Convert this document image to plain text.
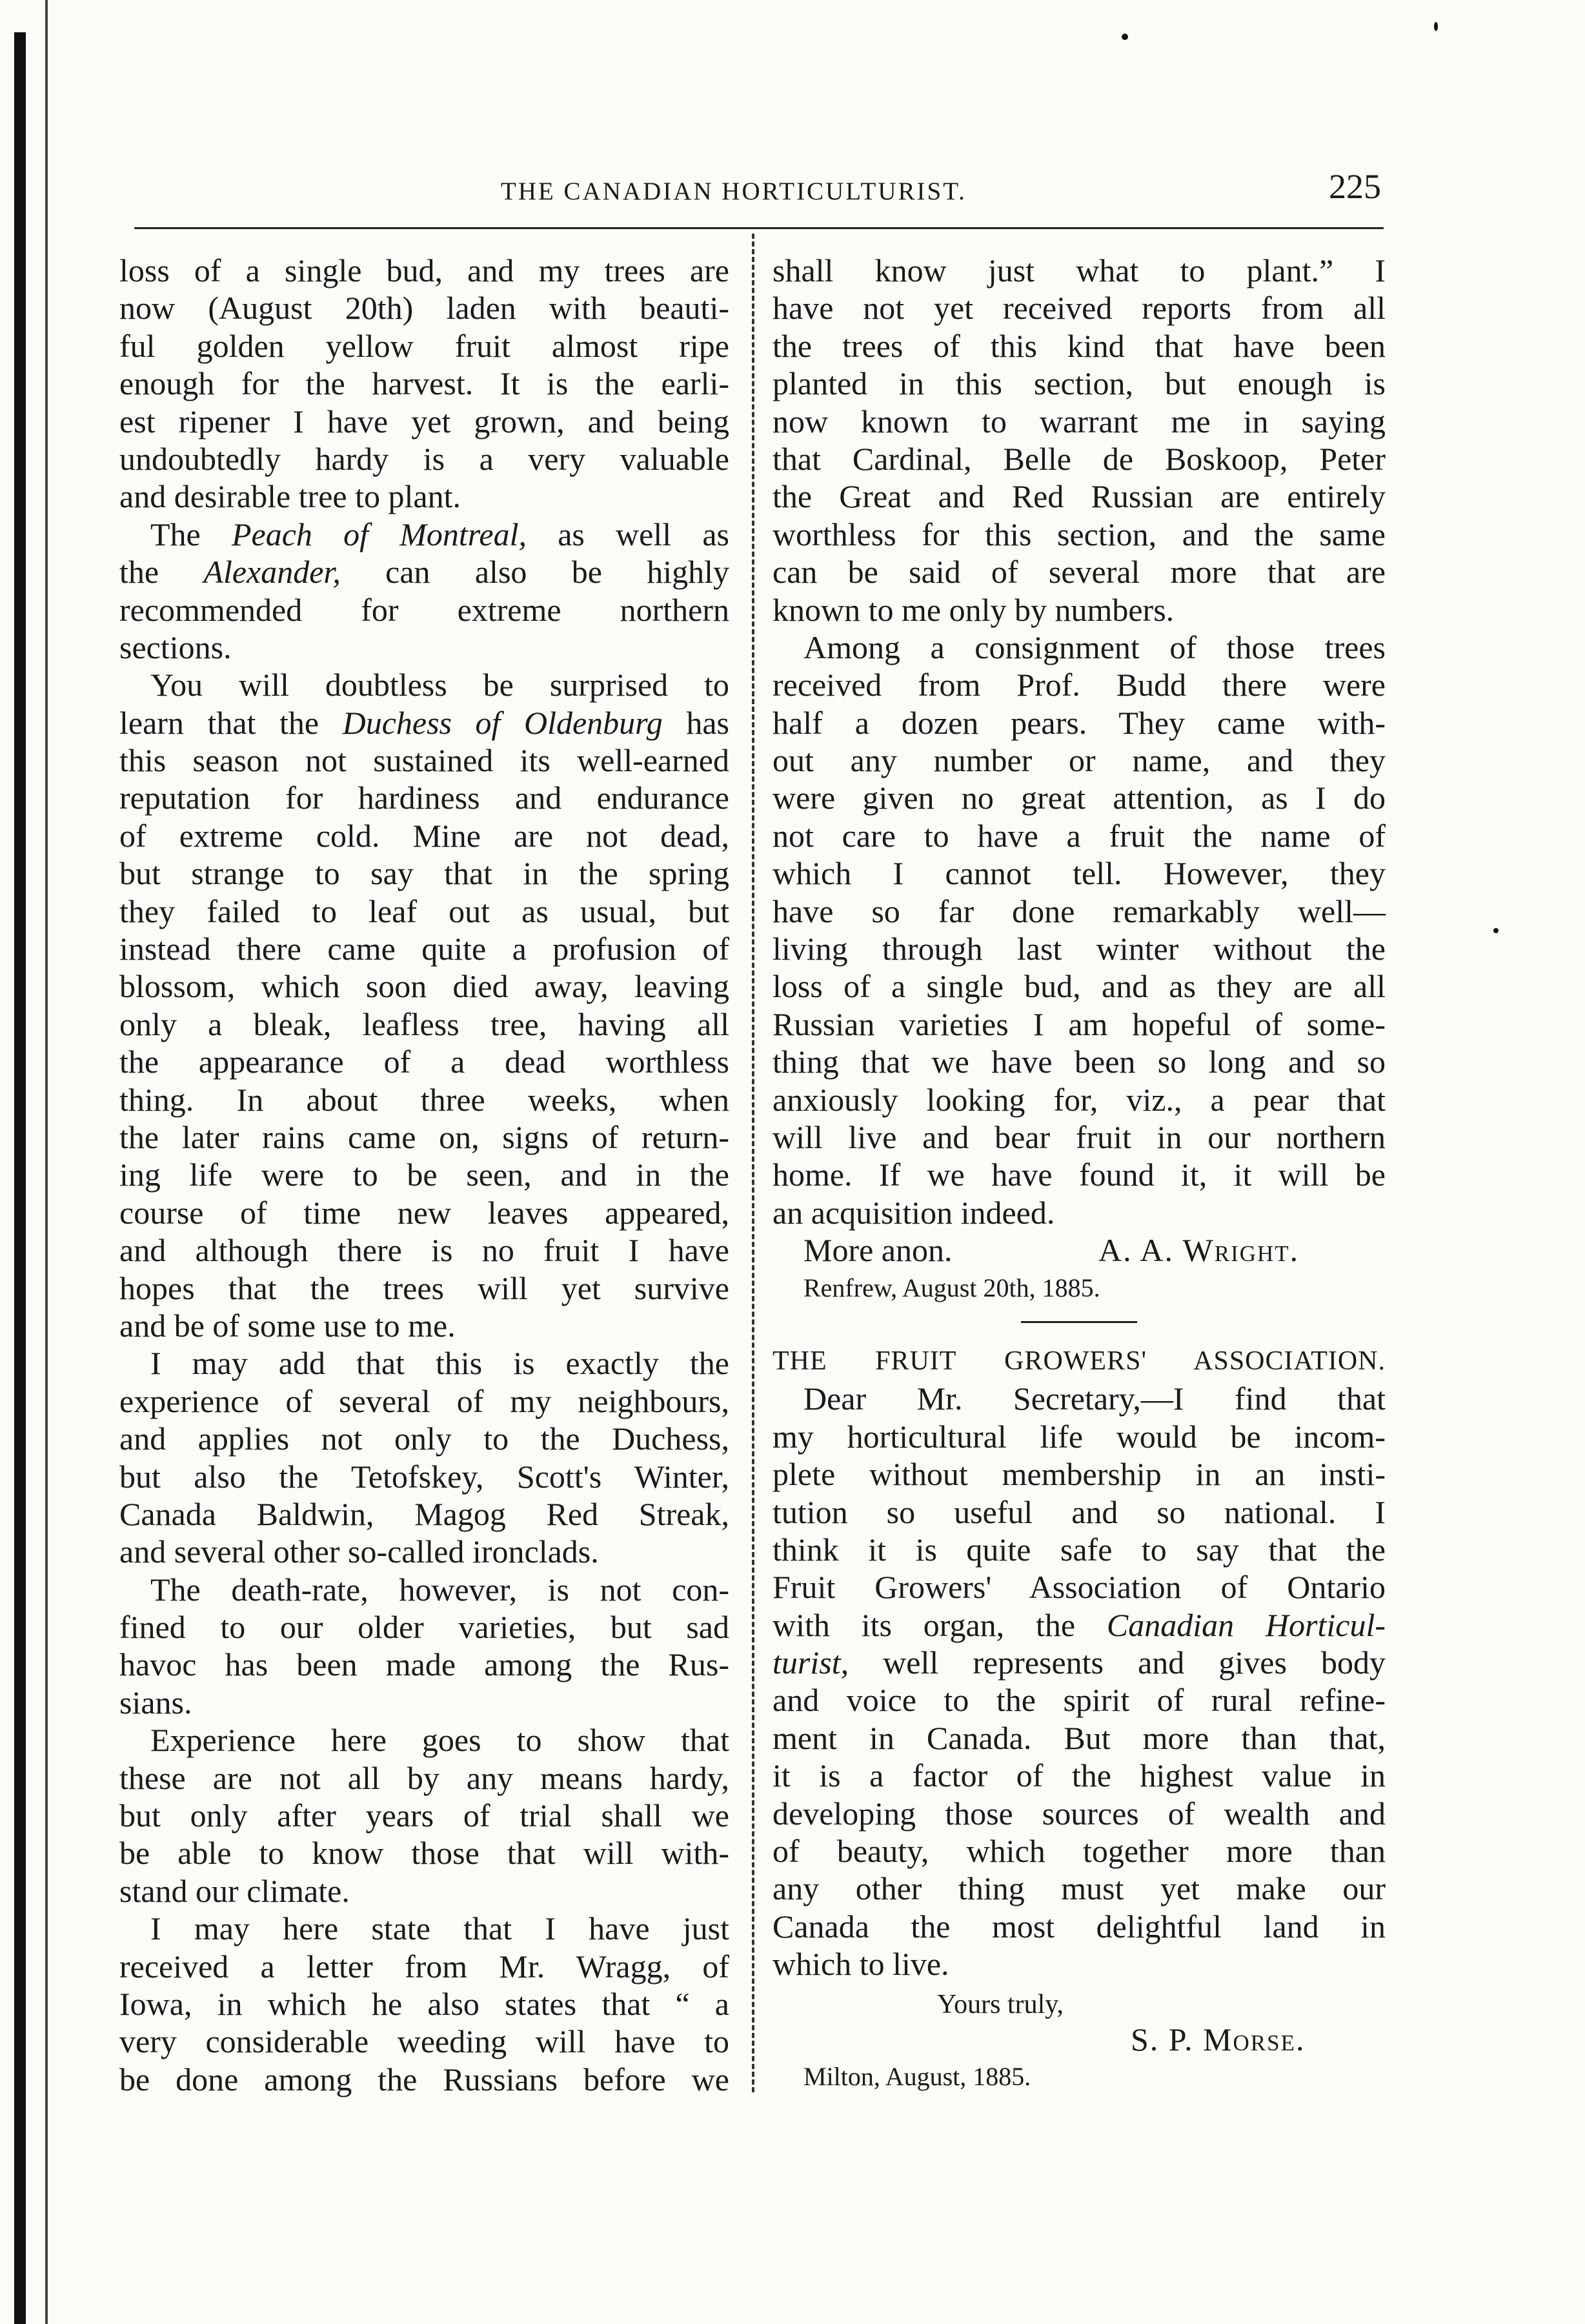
THE CANADIAN HORTICULTURIST.	225
loss of a single bud, and my trees are
now (August 20th) laden with beauti-
ful golden yellow fruit almost ripe
enough for the harvest. It is the earli-
est ripener I have yet grown, and being
undoubtedly hardy is a very valuable
and desirable tree to plant.
The Peach of Montreal, as well as
the Alexander, can also be highly
recommended for extreme northern
sections.
You will doubtless be surprised to
learn that the Duchess of Oldenburg has
this season not sustained its well-earned
reputation for hardiness and endurance
of extreme cold. Mine are not dead,
but strange to say that in the spring
they failed to leaf out as usual, but
instead there came quite a profusion of
blossom, which soon died away, leaving
only a bleak, leafless tree, having all
the appearance of a dead worthless
thing. In about three weeks, when
the later rains came on, signs of return-
ing life were to be seen, and in the
course of time new leaves appeared,
and although there is no fruit I have
hopes that the trees will yet survive
and be of some use to me.
I may add that this is exactly the
experience of several of my neighbours,
and applies not only to the Duchess,
but also the Tetofskey, Scott's Winter,
Canada Baldwin, Magog Red Streak,
and several other so-called ironclads.
The death-rate, however, is not con-
fined to our older varieties, but sad
havoc has been made among the Rus-
sians.
Experience here goes to show that
these are not all by any means hardy,
but only after years of trial shall we
be able to know those that will with-
stand our climate.
I may here state that I have just
received a letter from Mr. Wragg, of
Iowa, in which he also states that “ a
very considerable weeding will have to
be done among the Russians before we
shall know just what to plant.” I
have not yet received reports from all
the trees of this kind that have been
planted in this section, but enough is
now known to warrant me in saying
that Cardinal, Belle de Boskoop, Peter
the Great and Red Russian are entirely
worthless for this section, and the same
can be said of several more that are
known to me only by numbers.
Among a consignment of those trees
received from Prof. Budd there were
half a dozen pears. They came with-
out any number or name, and they
were given no great attention, as I do
not care to have a fruit the name of
which I cannot tell. However, they
have so far done remarkably well—
living through last winter without the
loss of a single bud, and as they are all
Russian varieties I am hopeful of some-
thing that we have been so long and so
anxiously looking for, viz., a pear that
will live and bear fruit in our northern
home. If we have found it, it will be
an acquisition indeed.
More anon.	A. A. Wright.
Renfrew, August 20th, 1885.
THE FRUIT GROWERS' ASSOCIATION.
Dear Mr. Secretary,—I find that
my horticultural life would be incom-
plete without membership in an insti-
tution so useful and so national. I
think it is quite safe to say that the
Fruit Growers' Association of Ontario
with its organ, the Canadian Horticul-
turist, well represents and gives body
and voice to the spirit of rural refine-
ment in Canada. But more than that,
it is a factor of the highest value in
developing those sources of wealth and
of beauty, which together more than
any other thing must yet make our
Canada the most delightful land in
which to live.
Yours truly,
S. P. Morse.
Milton, August, 1885.
